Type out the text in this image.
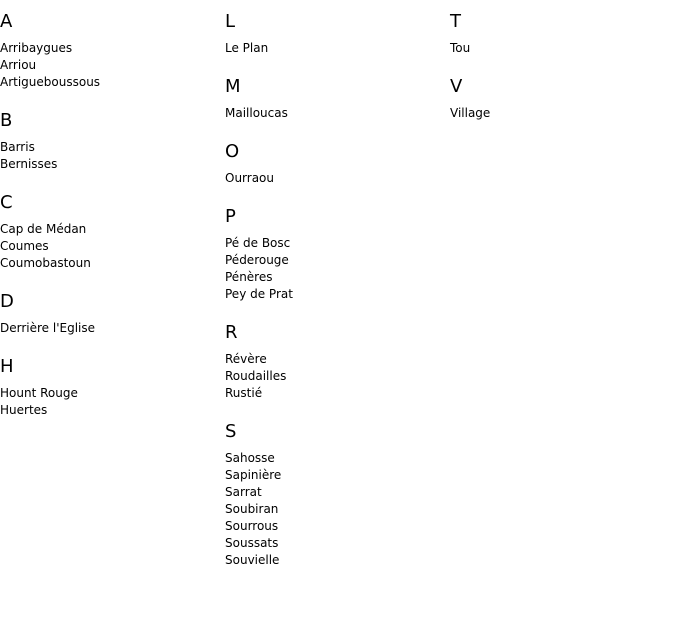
A
Arribaygues
Arriou
Artigueboussous
B
Barris
Bernisses
C
Cap de Médan
Coumes
Coumobastoun
D
Derrière l'Eglise
H
Hount Rouge
Huertes
L
Le Plan
M
Mailloucas
O
Ourraou
P
Pé de Bosc
Péderouge
Pénères
Pey de Prat
R
Révère
Roudailles
Rustié
S
Sahosse
Sapinière
Sarrat
Soubiran
Sourrous
Soussats
Souvielle
T
Tou
V
Village
